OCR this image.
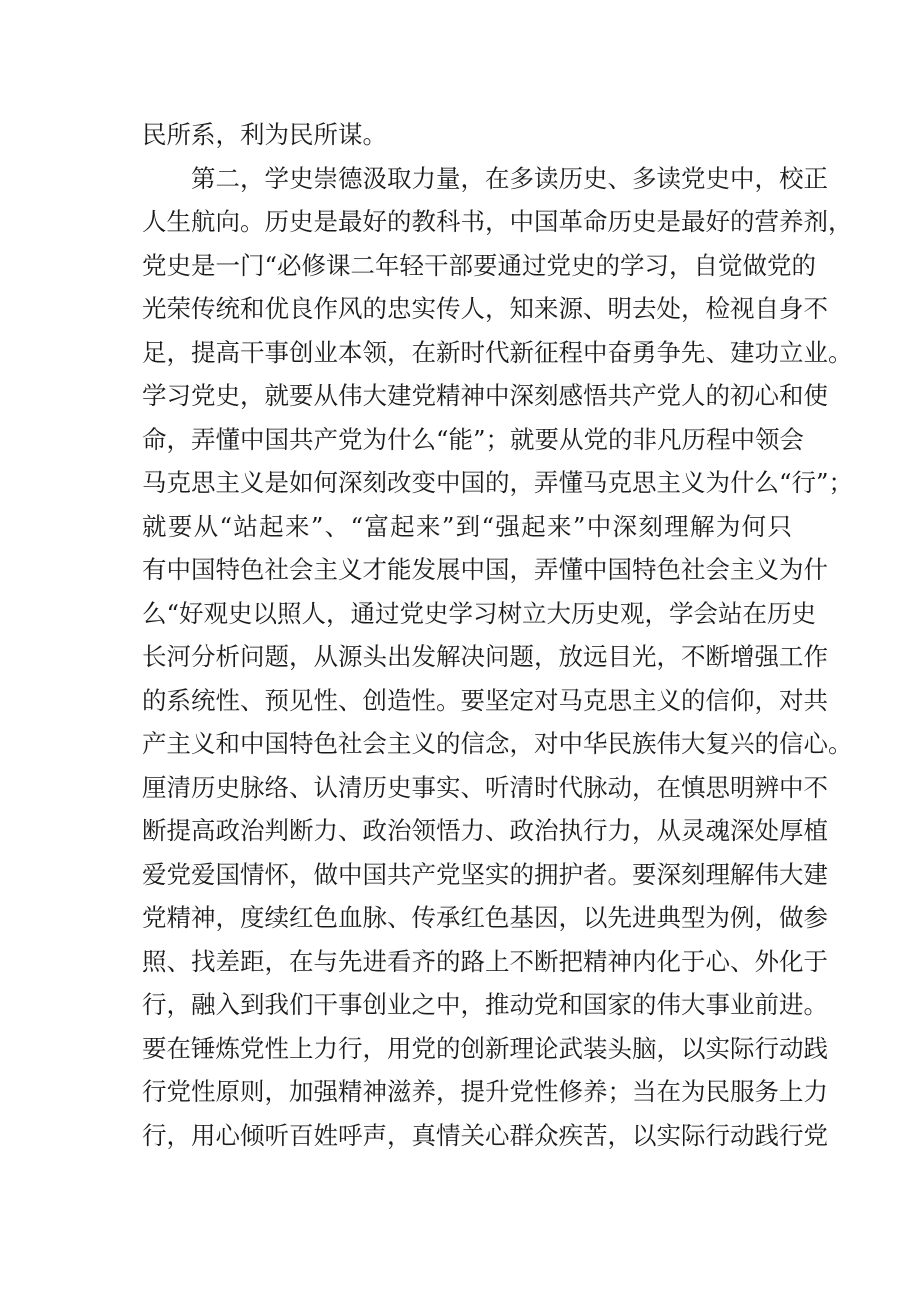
民所系，利为民所谋。
第二，学史崇德汲取力量，在多读历史、多读党史中，校正
人生航向。历史是最好的教科书，中国革命历史是最好的营养剂，
党史是一门“必修课二年轻干部要通过党史的学习，自觉做党的
光荣传统和优良作风的忠实传人，知来源、明去处，检视自身不
足，提高干事创业本领，在新时代新征程中奋勇争先、建功立业。
学习党史，就要从伟大建党精神中深刻感悟共产党人的初心和使
命，弄懂中国共产党为什么“能”；就要从党的非凡历程中领会
马克思主义是如何深刻改变中国的，弄懂马克思主义为什么“行”；
就要从“站起来”、“富起来”到“强起来”中深刻理解为何只
有中国特色社会主义才能发展中国，弄懂中国特色社会主义为什
么“好观史以照人，通过党史学习树立大历史观，学会站在历史
长河分析问题，从源头出发解决问题，放远目光，不断增强工作
的系统性、预见性、创造性。要坚定对马克思主义的信仰，对共
产主义和中国特色社会主义的信念，对中华民族伟大复兴的信心。
厘清历史脉络、认清历史事实、听清时代脉动，在慎思明辨中不
断提高政治判断力、政治领悟力、政治执行力，从灵魂深处厚植
爱党爱国情怀，做中国共产党坚实的拥护者。要深刻理解伟大建
党精神，度续红色血脉、传承红色基因，以先进典型为例，做参
照、找差距，在与先进看齐的路上不断把精神内化于心、外化于
行，融入到我们干事创业之中，推动党和国家的伟大事业前进。
要在锤炼党性上力行，用党的创新理论武装头脑，以实际行动践
行党性原则，加强精神滋养，提升党性修养；当在为民服务上力
行，用心倾听百姓呼声，真情关心群众疾苦，以实际行动践行党
